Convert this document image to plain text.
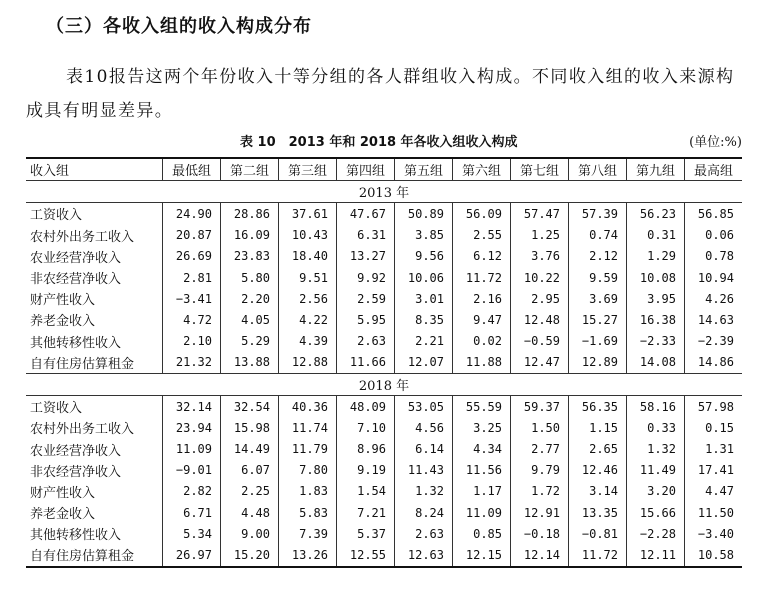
（三）各收入组的收入构成分布
表10报告这两个年份收入十等分组的各人群组收入构成。不同收入组的收入来源构成具有明显差异。
表 10　2013 年和 2018 年各收入组收入构成	(单位:%)
收入组	最低组	第二组	第三组	第四组	第五组	第六组	第七组	第八组	第九组	最高组
2013 年										
工资收入	24.90	28.86	37.61	47.67	50.89	56.09	57.47	57.39	56.23	56.85
农村外出务工收入	20.87	16.09	10.43	6.31	3.85	2.55	1.25	0.74	0.31	0.06
农业经营净收入	26.69	23.83	18.40	13.27	9.56	6.12	3.76	2.12	1.29	0.78
非农经营净收入	2.81	5.80	9.51	9.92	10.06	11.72	10.22	9.59	10.08	10.94
财产性收入	−3.41	2.20	2.56	2.59	3.01	2.16	2.95	3.69	3.95	4.26
养老金收入	4.72	4.05	4.22	5.95	8.35	9.47	12.48	15.27	16.38	14.63
其他转移性收入	2.10	5.29	4.39	2.63	2.21	0.02	−0.59	−1.69	−2.33	−2.39
自有住房估算租金	21.32	13.88	12.88	11.66	12.07	11.88	12.47	12.89	14.08	14.86
2018 年										
工资收入	32.14	32.54	40.36	48.09	53.05	55.59	59.37	56.35	58.16	57.98
农村外出务工收入	23.94	15.98	11.74	7.10	4.56	3.25	1.50	1.15	0.33	0.15
农业经营净收入	11.09	14.49	11.79	8.96	6.14	4.34	2.77	2.65	1.32	1.31
非农经营净收入	−9.01	6.07	7.80	9.19	11.43	11.56	9.79	12.46	11.49	17.41
财产性收入	2.82	2.25	1.83	1.54	1.32	1.17	1.72	3.14	3.20	4.47
养老金收入	6.71	4.48	5.83	7.21	8.24	11.09	12.91	13.35	15.66	11.50
其他转移性收入	5.34	9.00	7.39	5.37	2.63	0.85	−0.18	−0.81	−2.28	−3.40
自有住房估算租金	26.97	15.20	13.26	12.55	12.63	12.15	12.14	11.72	12.11	10.58
